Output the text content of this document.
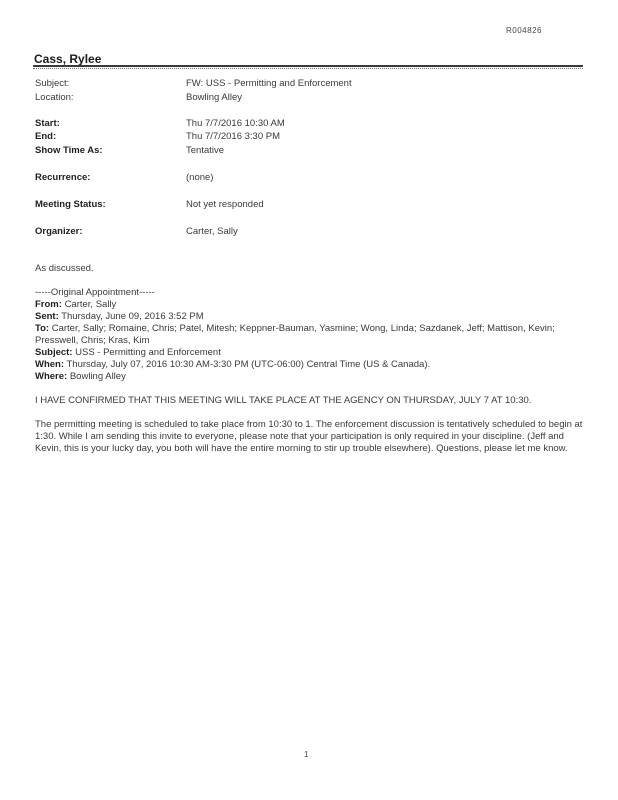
R004826
Cass, Rylee
Subject:	FW: USS - Permitting and Enforcement
Location:	Bowling Alley
Start:	Thu 7/7/2016 10:30 AM
End:	Thu 7/7/2016 3:30 PM
Show Time As:	Tentative
Recurrence:	(none)
Meeting Status:	Not yet responded
Organizer:	Carter, Sally

As discussed.

-----Original Appointment-----

From: Carter, Sally

Sent: Thursday, June 09, 2016 3:52 PM

To: Carter, Sally; Romaine, Chris; Patel, Mitesh; Keppner-Bauman, Yasmine; Wong, Linda; Sazdanek, Jeff; Mattison, Kevin; Presswell, Chris; Kras, Kim

Subject: USS - Permitting and Enforcement

When: Thursday, July 07, 2016 10:30 AM-3:30 PM (UTC-06:00) Central Time (US & Canada).

Where: Bowling Alley

I HAVE CONFIRMED THAT THIS MEETING WILL TAKE PLACE AT THE AGENCY ON THURSDAY, JULY 7 AT 10:30.

The permitting meeting is scheduled to take place from 10:30 to 1. The enforcement discussion is tentatively scheduled to begin at 1:30. While I am sending this invite to everyone, please note that your participation is only required in your discipline. (Jeff and Kevin, this is your lucky day, you both will have the entire morning to stir up trouble elsewhere). Questions, please let me know.

1
